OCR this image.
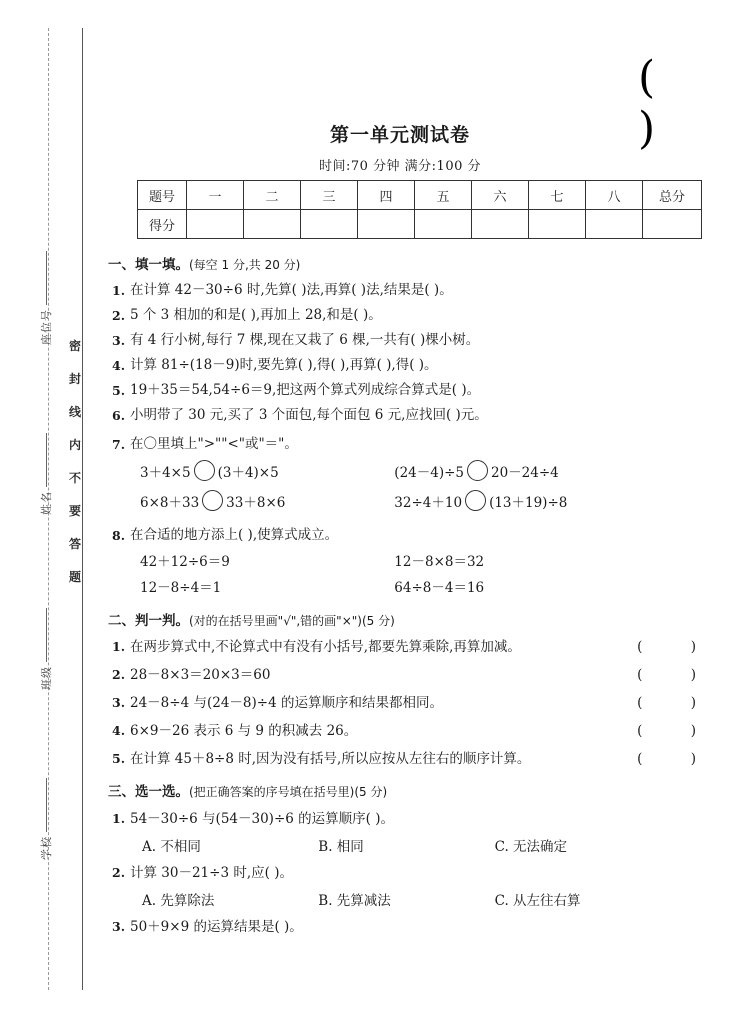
座位号
姓名
班级
学校
题
答
要
不
内
线
封
密
( )
第一单元测试卷
时间:70 分钟 满分:100 分
题号	一	二	三	四	五	六	七	八	总分
得分									
一、填一填。(每空 1 分,共 20 分)
1. 在计算 42－30÷6 时,先算( )法,再算( )法,结果是( )。
2. 5 个 3 相加的和是( ),再加上 28,和是( )。
3. 有 4 行小树,每行 7 棵,现在又栽了 6 棵,一共有( )棵小树。
4. 计算 81÷(18－9)时,要先算( ),得( ),再算( ),得( )。
5. 19＋35＝54,54÷6＝9,把这两个算式列成综合算式是( )。
6. 小明带了 30 元,买了 3 个面包,每个面包 6 元,应找回( )元。
7. 在〇里填上">""<"或"＝"。
3＋4×5 (3＋4)×5	(24－4)÷5 20－24÷4
6×8＋33 33＋8×6	32÷4＋10 (13＋19)÷8
8. 在合适的地方添上( ),使算式成立。
42＋12÷6＝9	12－8×8＝32
12－8÷4＝1	64÷8－4＝16
二、判一判。(对的在括号里画"√",错的画"×")(5 分)
1. 在两步算式中,不论算式中有没有小括号,都要先算乘除,再算加减。	( )
2. 28－8×3＝20×3＝60	( )
3. 24－8÷4 与(24－8)÷4 的运算顺序和结果都相同。	( )
4. 6×9－26 表示 6 与 9 的积减去 26。	( )
5. 在计算 45＋8÷8 时,因为没有括号,所以应按从左往右的顺序计算。	( )
三、选一选。(把正确答案的序号填在括号里)(5 分)
1. 54－30÷6 与(54－30)÷6 的运算顺序( )。
A. 不相同	B. 相同	C. 无法确定
2. 计算 30－21÷3 时,应( )。
A. 先算除法	B. 先算减法	C. 从左往右算
3. 50＋9×9 的运算结果是( )。
